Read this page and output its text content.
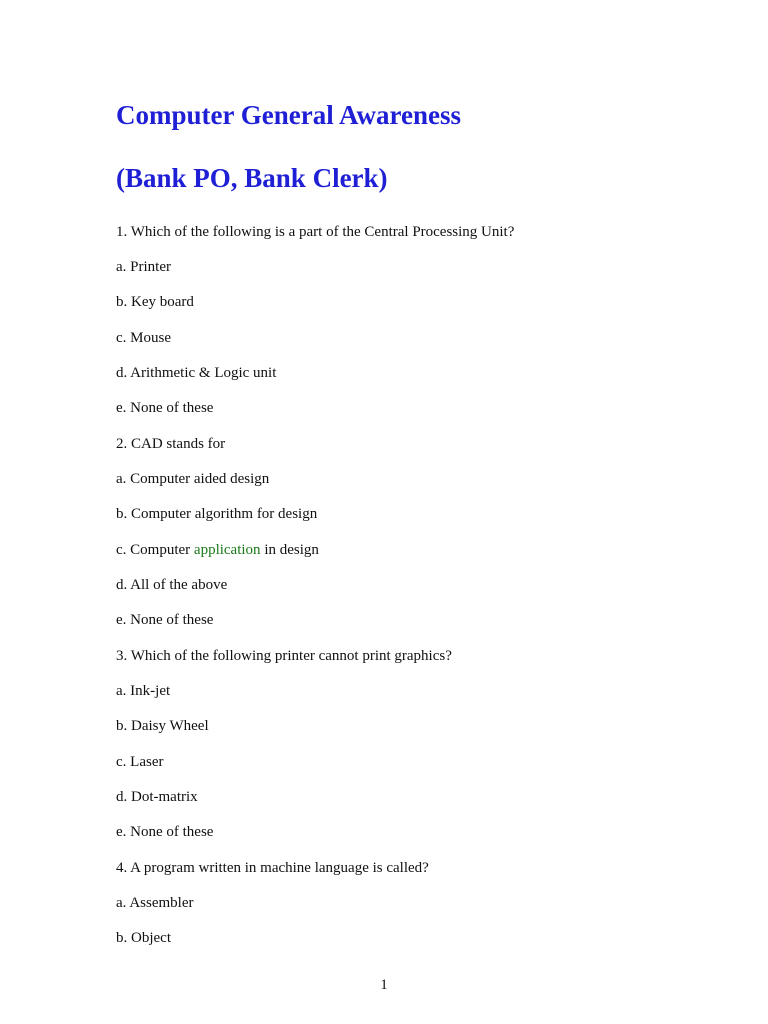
Computer General Awareness
(Bank PO, Bank Clerk)
1. Which of the following is a part of the Central Processing Unit?
a. Printer
b. Key board
c. Mouse
d. Arithmetic & Logic unit
e. None of these
2. CAD stands for
a. Computer aided design
b. Computer algorithm for design
c. Computer application in design
d. All of the above
e. None of these
3. Which of the following printer cannot print graphics?
a. Ink-jet
b. Daisy Wheel
c. Laser
d. Dot-matrix
e. None of these
4. A program written in machine language is called?
a. Assembler
b. Object
1
